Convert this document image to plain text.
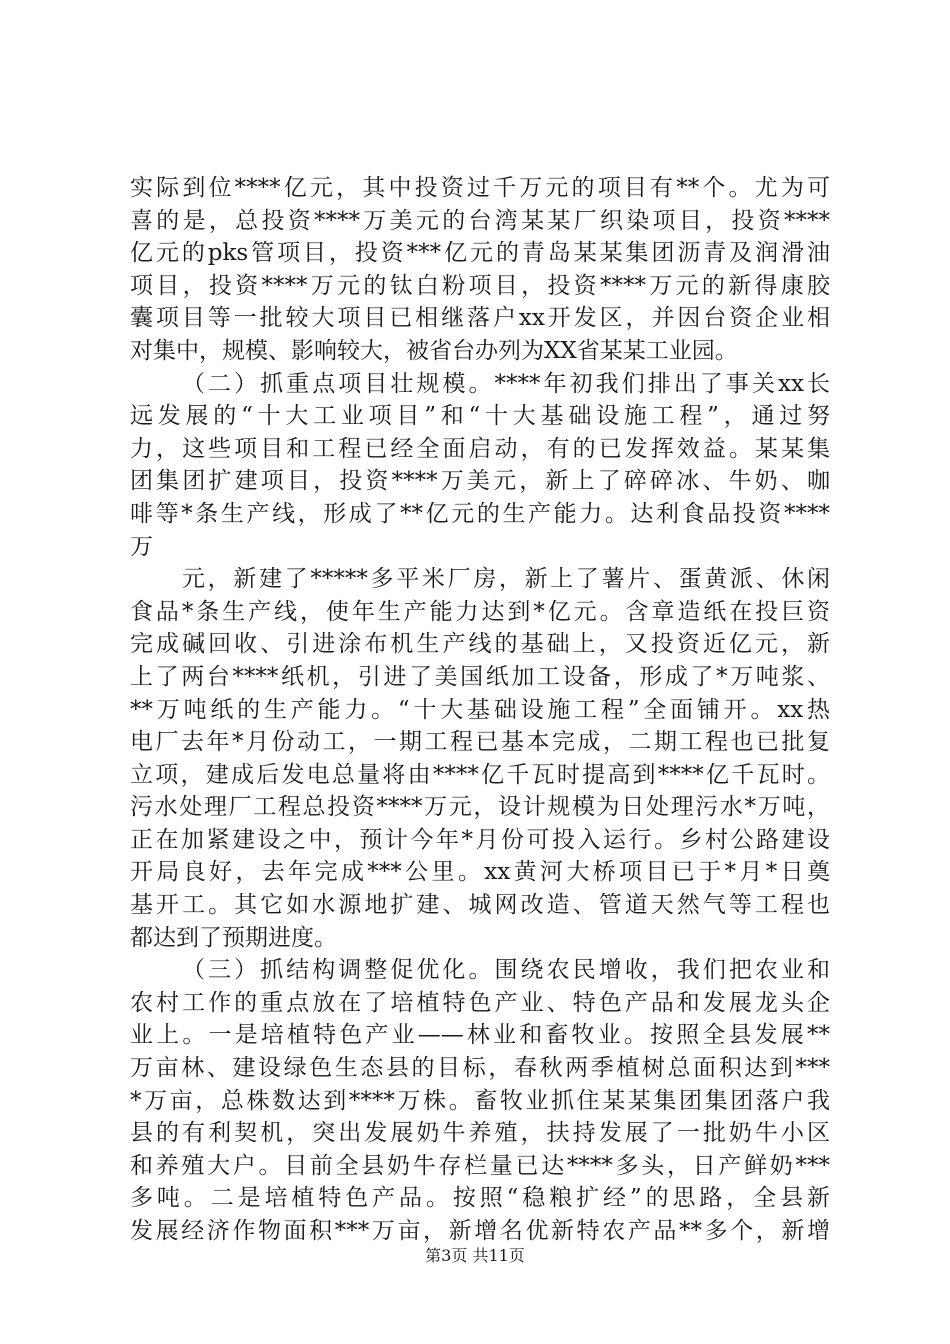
实际到位****亿元，其中投资过千万元的项目有**个。尤为可
喜的是，总投资****万美元的台湾某某厂织染项目，投资****
亿元的pks管项目，投资***亿元的青岛某某集团沥青及润滑油
项目，投资****万元的钛白粉项目，投资****万元的新得康胶
囊项目等一批较大项目已相继落户xx开发区，并因台资企业相
对集中，规模、影响较大，被省台办列为XX省某某工业园。
（二）抓重点项目壮规模。****年初我们排出了事关xx长
远发展的“十大工业项目”和“十大基础设施工程”，通过努
力，这些项目和工程已经全面启动，有的已发挥效益。某某集
团集团扩建项目，投资****万美元，新上了碎碎冰、牛奶、咖
啡等*条生产线，形成了**亿元的生产能力。达利食品投资****
万
元，新建了*****多平米厂房，新上了薯片、蛋黄派、休闲
食品*条生产线，使年生产能力达到*亿元。含章造纸在投巨资
完成碱回收、引进涂布机生产线的基础上，又投资近亿元，新
上了两台****纸机，引进了美国纸加工设备，形成了*万吨浆、
**万吨纸的生产能力。“十大基础设施工程”全面铺开。xx热
电厂去年*月份动工，一期工程已基本完成，二期工程也已批复
立项，建成后发电总量将由****亿千瓦时提高到****亿千瓦时。
污水处理厂工程总投资****万元，设计规模为日处理污水*万吨，
正在加紧建设之中，预计今年*月份可投入运行。乡村公路建设
开局良好，去年完成***公里。xx黄河大桥项目已于*月*日奠
基开工。其它如水源地扩建、城网改造、管道天然气等工程也
都达到了预期进度。
（三）抓结构调整促优化。围绕农民增收，我们把农业和
农村工作的重点放在了培植特色产业、特色产品和发展龙头企
业上。一是培植特色产业——林业和畜牧业。按照全县发展**
万亩林、建设绿色生态县的目标，春秋两季植树总面积达到***
*万亩，总株数达到****万株。畜牧业抓住某某集团集团落户我
县的有利契机，突出发展奶牛养殖，扶持发展了一批奶牛小区
和养殖大户。目前全县奶牛存栏量已达****多头，日产鲜奶***
多吨。二是培植特色产品。按照“稳粮扩经”的思路，全县新
发展经济作物面积***万亩，新增名优新特农产品**多个，新增
第3页 共11页
